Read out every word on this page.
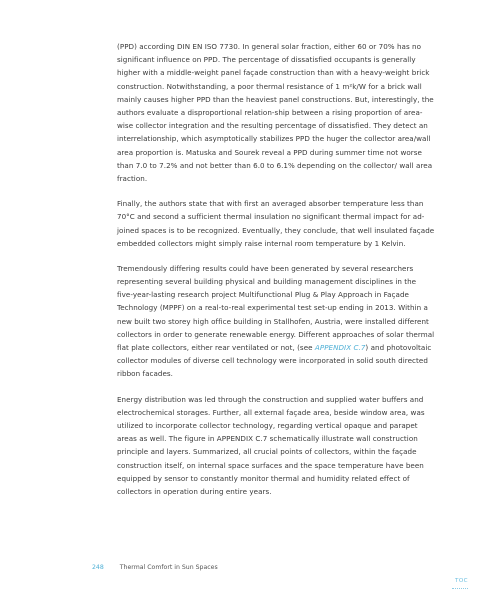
(PPD) according DIN EN ISO 7730. In general solar fraction, either 60 or 70% has no
significant influence on PPD. The percentage of dissatisfied occupants is generally
higher with a middle-weight panel façade construction than with a heavy-weight brick
construction. Notwithstanding, a poor thermal resistance of 1 m²k/W for a brick wall
mainly causes higher PPD than the heaviest panel constructions. But, interestingly, the
authors evaluate a disproportional relation-ship between a rising proportion of area-
wise collector integration and the resulting percentage of dissatisfied. They detect an
interrelationship, which asymptotically stabilizes PPD the huger the collector area/wall
area proportion is. Matuska and Sourek reveal a PPD during summer time not worse
than 7.0 to 7.2% and not better than 6.0 to 6.1% depending on the collector/ wall area
fraction.

Finally, the authors state that with first an averaged absorber temperature less than
70°C and second a sufficient thermal insulation no significant thermal impact for ad-
joined spaces is to be recognized. Eventually, they conclude, that well insulated façade
embedded collectors might simply raise internal room temperature by 1 Kelvin.

Tremendously differing results could have been generated by several researchers
representing several building physical and building management disciplines in the
five-year-lasting research project Multifunctional Plug & Play Approach in Façade
Technology (MPPF) on a real-to-real experimental test set-up ending in 2013. Within a
new built two storey high office building in Stallhofen, Austria, were installed different
collectors in order to generate renewable energy. Different approaches of solar thermal
flat plate collectors, either rear ventilated or not, (see APPENDIX C.7) and photovoltaic
collector modules of diverse cell technology were incorporated in solid south directed
ribbon facades.

Energy distribution was led through the construction and supplied water buffers and
electrochemical storages. Further, all external façade area, beside window area, was
utilized to incorporate collector technology, regarding vertical opaque and parapet
areas as well. The figure in APPENDIX C.7 schematically illustrate wall construction
principle and layers. Summarized, all crucial points of collectors, within the façade
construction itself, on internal space surfaces and the space temperature have been
equipped by sensor to constantly monitor thermal and humidity related effect of
collectors in operation during entire years.

248	Thermal Comfort in Sun Spaces
TOC
